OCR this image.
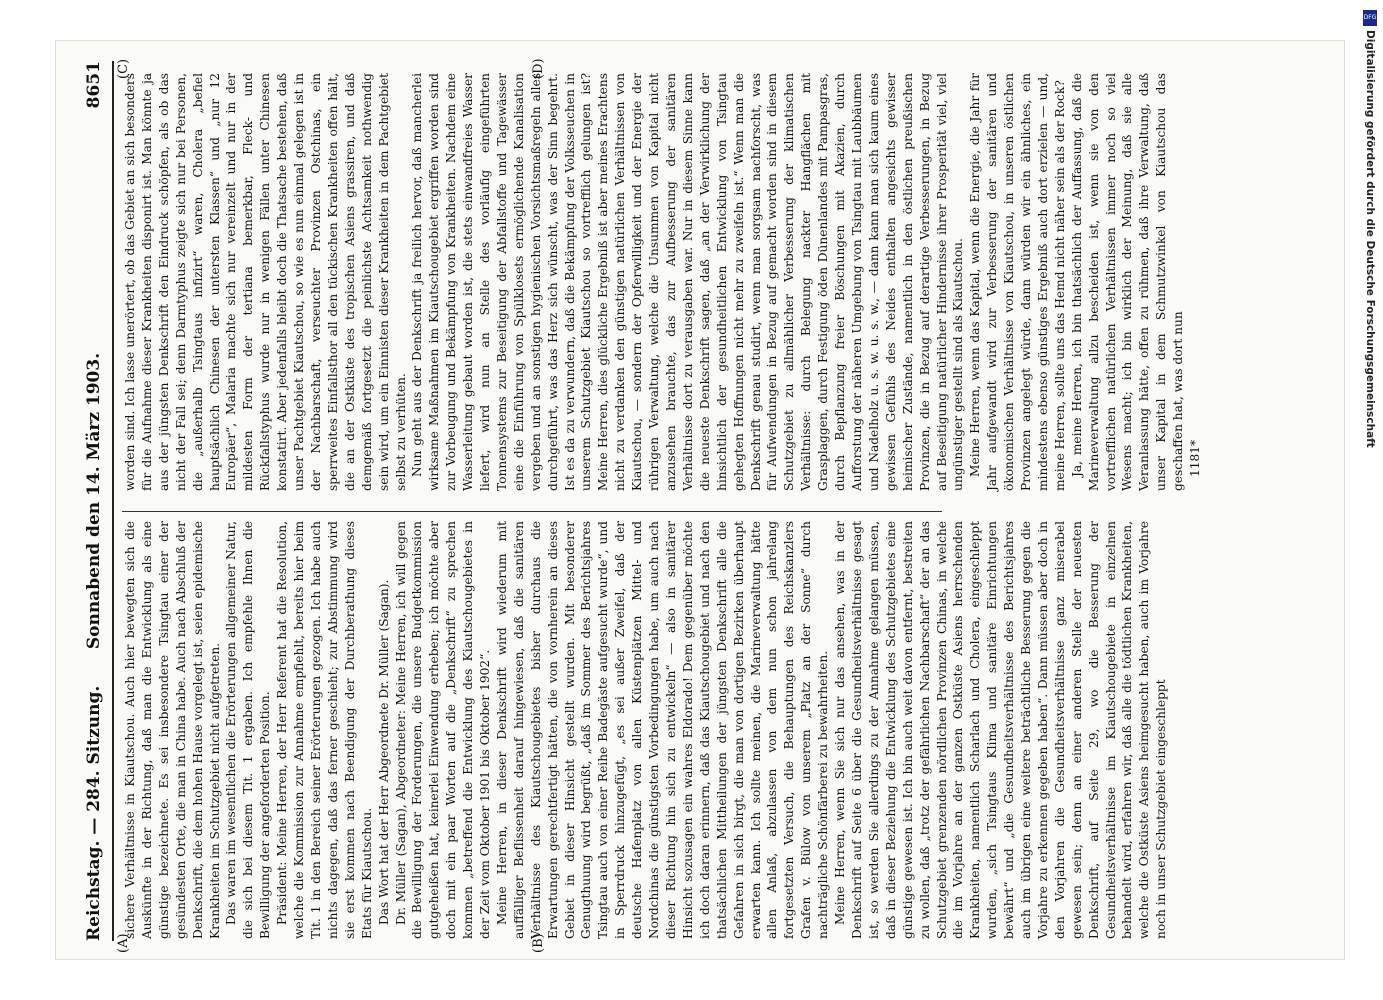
Reichstag. — 284. Sitzung.
Sonnabend den 14. März 1903.
8651

sichere Verhältnisse in Kiautschou. Auch hier bewegten sich die Auskünfte in der Richtung, daß man die Entwicklung als eine günstige bezeichnete. Es sei insbesondere Tsingtau einer der gesündesten Orte, die man in China habe. Auch nach Abschluß der Denkschrift, die dem hohen Hause vorgelegt ist, seien epidemische Krankheiten im Schutzgebiet nicht aufgetreten. Das waren im wesentlichen die Erörterungen allgemeiner Natur, die sich bei diesem Tit. 1 ergaben. Ich empfehle Ihnen die Bewilligung der angeforderten Position. Präsident: Meine Herren, der Herr Referent hat die Resolution, welche die Kommission zur Annahme empfiehlt, bereits hier beim Tit. 1 in den Bereich seiner Erörterungen gezogen. Ich habe auch nichts dagegen, daß das ferner geschieht; zur Abstimmung wird sie erst kommen nach Beendigung der Durchberathung dieses Etats für Kiautschou. Das Wort hat der Herr Abgeordnete Dr. Müller (Sagan). Dr. Müller (Sagan), Abgeordneter: Meine Herren, ich will gegen die Bewilligung der Forderungen, die unsere Budgetkommission gutgeheißen hat, keinerlei Einwendung erheben; ich möchte aber doch mit ein paar Worten auf die „Denkschrift“ zu sprechen kommen „betreffend die Entwicklung des Kiautschougebietes in der Zeit vom Oktober 1901 bis Oktober 1902“. Meine Herren, in dieser Denkschrift wird wiederum mit auffälliger Beflissenheit darauf hingewiesen, daß die sanitären Verhältnisse des Kiautschougebietes bisher durchaus die Erwartungen gerechtfertigt hätten, die von vornherein an dieses Gebiet in dieser Hinsicht gestellt wurden. Mit besonderer Genugthuung wird begrüßt, „daß im Sommer des Berichtsjahres Tsingtau auch von einer Reihe Badegäste aufgesucht wurde“, und in Sperrdruck hinzugefügt, „es sei außer Zweifel, daß der deutsche Hafenplatz von allen Küstenplätzen Mittel- und Nordchinas die günstigsten Vorbedingungen habe, um auch nach dieser Richtung hin sich zu entwickeln“ — also in sanitärer Hinsicht sozusagen ein wahres Eldorado! Dem gegenüber möchte ich doch daran erinnern, daß das Kiautschougebiet und nach den thatsächlichen Mittheilungen der jüngsten Denkschrift alle die Gefahren in sich birgt, die man von dortigen Bezirken überhaupt erwarten kann. Ich sollte meinen, die Marineverwaltung hätte allen Anlaß, abzulassen von dem nun schon jahrelang fortgesetzten Versuch, die Behauptungen des Reichskanzlers Grafen v. Bülow von unserem „Platz an der Sonne“ durch nachträgliche Schönfärberei zu bewahrheiten. Meine Herren, wenn Sie sich nur das ansehen, was in der Denkschrift auf Seite 6 über die Gesundheitsverhältnisse gesagt ist, so werden Sie allerdings zu der Annahme gelangen müssen, daß in dieser Beziehung die Entwicklung des Schutzgebietes eine günstige gewesen ist. Ich bin auch weit davon entfernt, bestreiten zu wollen, daß „trotz der gefährlichen Nachbarschaft“ der an das Schutzgebiet grenzenden nördlichen Provinzen Chinas, in welche die im Vorjahre an der ganzen Ostküste Asiens herrschenden Krankheiten, namentlich Scharlach und Cholera, eingeschleppt wurden, „sich Tsingtaus Klima und sanitäre Einrichtungen bewährt“ und „die Gesundheitsverhältnisse des Berichtsjahres auch im übrigen eine weitere beträchtliche Besserung gegen die Vorjahre zu erkennen gegeben haben“. Dann müssen aber doch in den Vorjahren die Gesundheitsverhältnisse ganz miserabel gewesen sein; denn an einer anderen Stelle der neuesten Denkschrift, auf Seite 29, wo die Besserung der Gesundheitsverhältnisse im Kiautschougebiete in einzelnen behandelt wird, erfahren wir, daß alle die tödtlichen Krankheiten, welche die Ostküste Asiens heimgesucht haben, auch im Vorjahre noch in unser Schutzgebiet eingeschleppt

worden sind. Ich lasse unerörtert, ob das Gebiet an sich besonders für die Aufnahme dieser Krankheiten disponirt ist. Man könnte ja aus der jüngsten Denkschrift den Eindruck schöpfen, als ob das nicht der Fall sei; denn Darmtyphus zeigte sich nur bei Personen, die „außerhalb Tsingtaus infizirt“ waren, Cholera „befiel hauptsächlich Chinesen der untersten Klassen“ und „nur 12 Europäer“, Malaria machte sich nur vereinzelt und nur in der mildesten Form der tertiana bemerkbar, Fleck- und Rückfallstyphus wurde nur in wenigen Fällen unter Chinesen konstatirt. Aber jedenfalls bleibt doch die Thatsache bestehen, daß unser Pachtgebiet Kiautschou, so wie es nun einmal gelegen ist in der Nachbarschaft, verseuchter Provinzen Ostchinas, ein sperrweites Einfallsthor all den tückischen Krankheiten offen hält, die an der Ostküste des tropischen Asiens grassiren, und daß demgemäß fortgesetzt die peinlichste Achtsamkeit nothwendig sein wird, um ein Einnisten dieser Krankheiten in dem Pachtgebiet selbst zu verhüten. Nun geht aus der Denkschrift ja freilich hervor, daß mancherlei wirksame Maßnahmen im Kiautschougebiet ergriffen worden sind zur Vorbeugung und Bekämpfung von Krankheiten. Nachdem eine Wasserleitung gebaut worden ist, die stets einwandfreies Wasser liefert, wird nun an Stelle des vorläufig eingeführten Tonnensystems zur Beseitigung der Abfallstoffe und Tagewässer eine die Einführung von Spülklosets ermöglichende Kanalisation vergeben und an sonstigen hygienischen Vorsichtsmaßregeln alles durchgeführt, was das Herz sich wünscht, was der Sinn begehrt. Ist es da zu verwundern, daß die Bekämpfung der Volksseuchen in unserem Schutzgebiet Kiautschou so vortrefflich gelungen ist? Meine Herren, dies glückliche Ergebniß ist aber meines Erachtens nicht zu verdanken den günstigen natürlichen Verhältnissen von Kiautschou, — sondern der Opferwilligkeit und der Energie der rührigen Verwaltung, welche die Unsummen von Kapital nicht anzusehen brauchte, das zur Aufbesserung der sanitären Verhältnisse dort zu verausgaben war. Nur in diesem Sinne kann die neueste Denkschrift sagen, daß „an der Verwirklichung der hinsichtlich der gesundheitlichen Entwicklung von Tsingtau gehegten Hoffnungen nicht mehr zu zweifeln ist.“ Wenn man die Denkschrift genau studirt, wenn man sorgsam nachforscht, was für Aufwendungen in Bezug auf gemacht worden sind in diesem Schutzgebiet zu allmählicher Verbesserung der klimatischen Verhältnisse: durch Belegung nackter Hangflächen mit Grasplaggen, durch Festigung öden Dünenlandes mit Pampasgras, durch Bepflanzung freier Böschungen mit Akazien, durch Aufforstung der näheren Umgebung von Tsingtau mit Laubbäumen und Nadelholz u. s. w. u. s. w., — dann kann man sich kaum eines gewissen Gefühls des Neides enthalten angesichts gewisser heimischer Zustände, namentlich in den östlichen preußischen Provinzen, die in Bezug auf derartige Verbesserungen, in Bezug auf Beseitigung natürlicher Hindernisse ihrer Prosperität viel, viel ungünstiger gestellt sind als Kiautschou. Meine Herren, wenn das Kapital, wenn die Energie, die Jahr für Jahr aufgewandt wird zur Verbesserung der sanitären und ökonomischen Verhältnisse von Kiautschou, in unseren östlichen Provinzen angelegt würde, dann würden wir ein ähnliches, ein mindestens ebenso günstiges Ergebniß auch dort erzielen — und, meine Herren, sollte uns das Hemd nicht näher sein als der Rock? Ja, meine Herren, ich bin thatsächlich der Auffassung, daß die Marineverwaltung allzu bescheiden ist, wenn sie von den vortrefflichen natürlichen Verhältnissen immer noch so viel Wesens macht; ich bin wirklich der Meinung, daß sie alle Veranlassung hätte, offen zu rühmen, daß ihre Verwaltung, daß unser Kapital in dem Schmutzwinkel von Kiautschou das geschaffen hat, was dort nun 1181*

(A)	(B)
(C)	(D)
DFG
Digitalisierung gefördert durch die Deutsche Forschungsgemeinschaft
